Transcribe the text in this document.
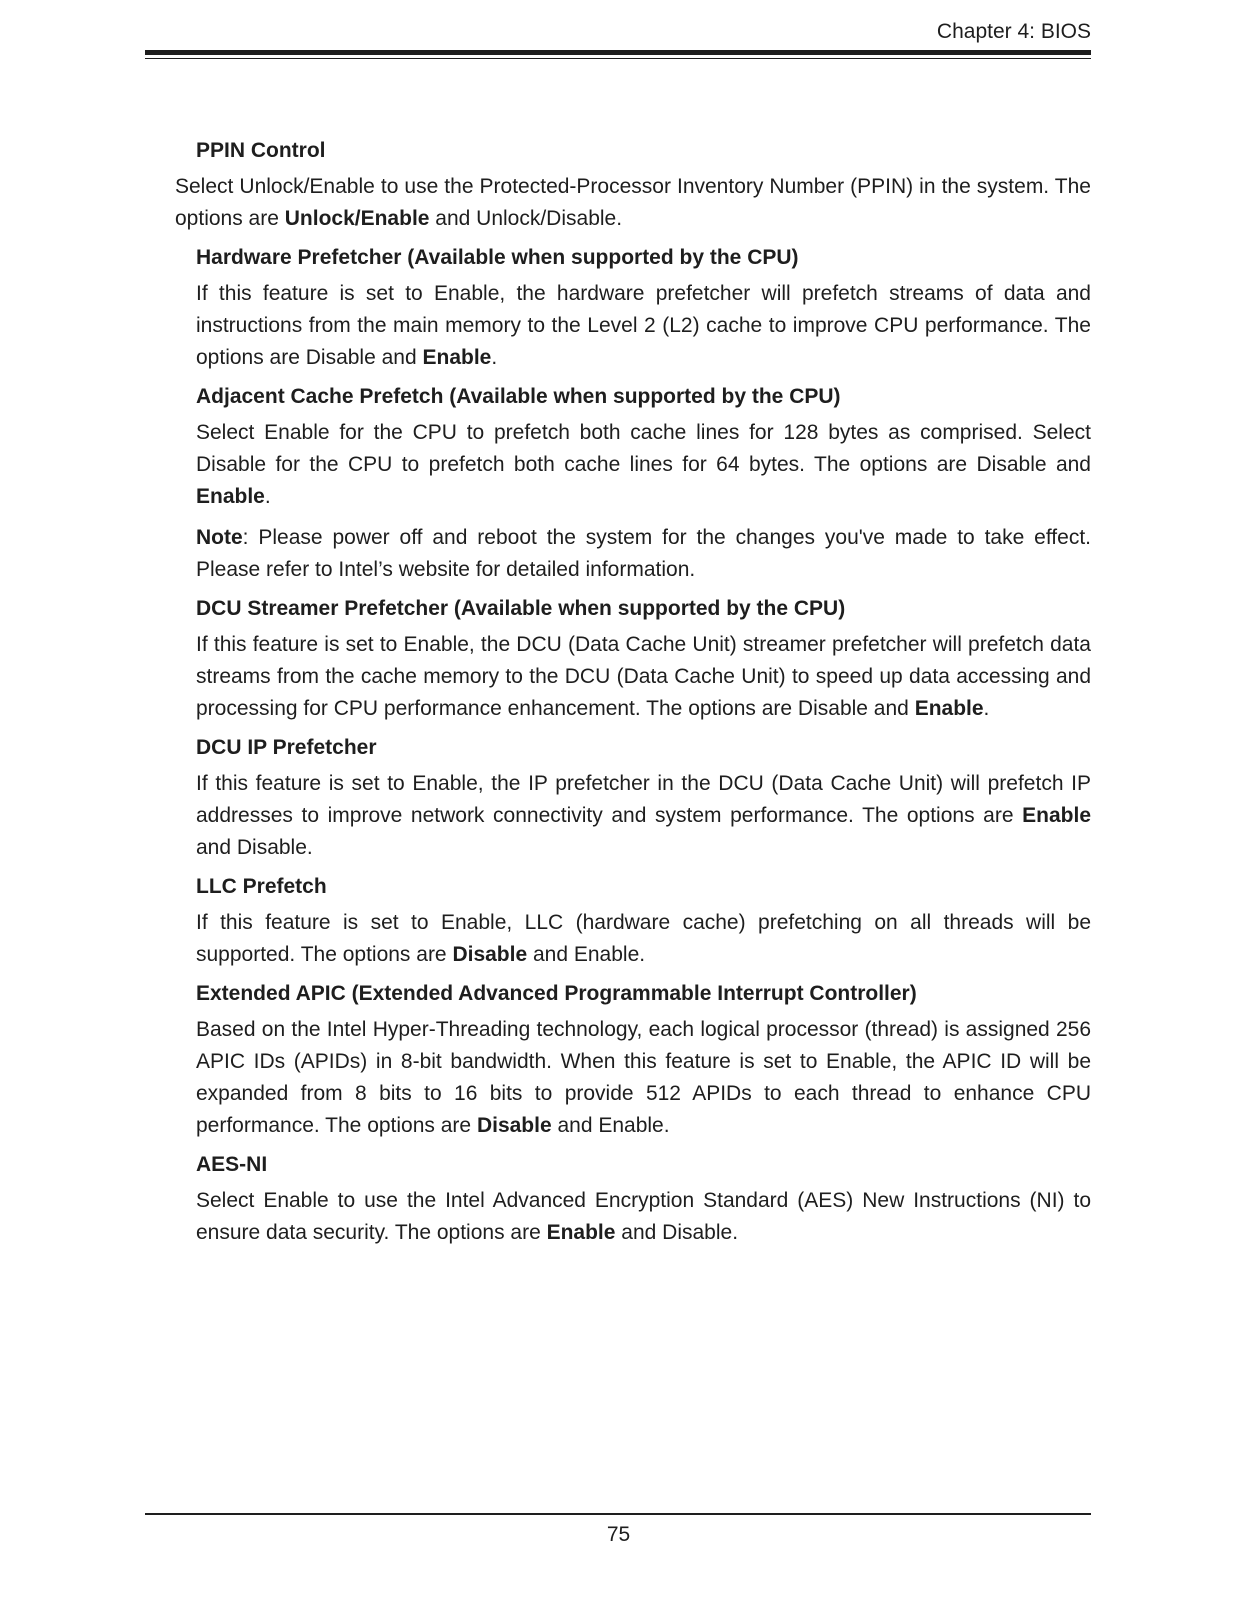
Chapter 4: BIOS
PPIN Control
Select Unlock/Enable to use the Protected-Processor Inventory Number (PPIN) in the system. The options are Unlock/Enable and Unlock/Disable.
Hardware Prefetcher (Available when supported by the CPU)
If this feature is set to Enable, the hardware prefetcher will prefetch streams of data and instructions from the main memory to the Level 2 (L2) cache to improve CPU performance. The options are Disable and Enable.
Adjacent Cache Prefetch (Available when supported by the CPU)
Select Enable for the CPU to prefetch both cache lines for 128 bytes as comprised. Select Disable for the CPU to prefetch both cache lines for 64 bytes. The options are Disable and Enable.
Note: Please power off and reboot the system for the changes you've made to take effect. Please refer to Intel’s website for detailed information.
DCU Streamer Prefetcher (Available when supported by the CPU)
If this feature is set to Enable, the DCU (Data Cache Unit) streamer prefetcher will prefetch data streams from the cache memory to the DCU (Data Cache Unit) to speed up data accessing and processing for CPU performance enhancement. The options are Disable and Enable.
DCU IP Prefetcher
If this feature is set to Enable, the IP prefetcher in the DCU (Data Cache Unit) will prefetch IP addresses to improve network connectivity and system performance. The options are Enable and Disable.
LLC Prefetch
If this feature is set to Enable, LLC (hardware cache) prefetching on all threads will be supported. The options are Disable and Enable.
Extended APIC (Extended Advanced Programmable Interrupt Controller)
Based on the Intel Hyper-Threading technology, each logical processor (thread) is assigned 256 APIC IDs (APIDs) in 8-bit bandwidth. When this feature is set to Enable, the APIC ID will be expanded from 8 bits to 16 bits to provide 512 APIDs to each thread to enhance CPU performance. The options are Disable and Enable.
AES-NI
Select Enable to use the Intel Advanced Encryption Standard (AES) New Instructions (NI) to ensure data security. The options are Enable and Disable.
75
